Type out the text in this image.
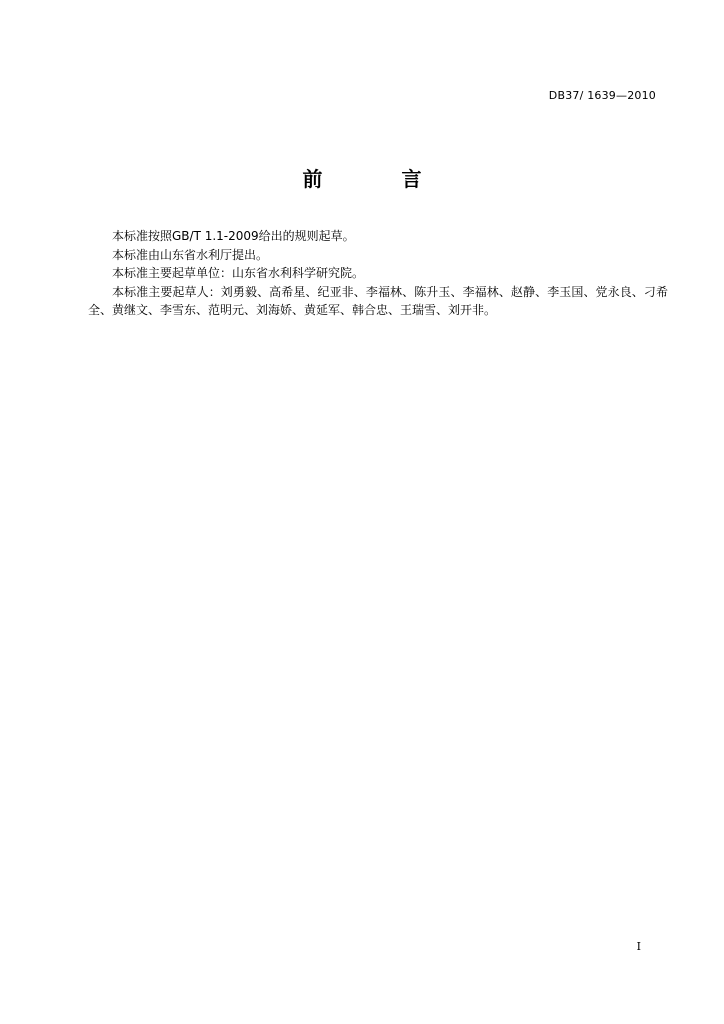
DB37/ 1639—2010
前 言

本标准按照GB/T 1.1-2009给出的规则起草。

本标准由山东省水利厅提出。

本标准主要起草单位：山东省水利科学研究院。

本标准主要起草人：刘勇毅、高希星、纪亚非、李福林、陈升玉、李福林、赵静、李玉国、党永良、刁希全、黄继文、李雪东、范明元、刘海娇、黄延军、韩合忠、王瑞雪、刘开非。

I
